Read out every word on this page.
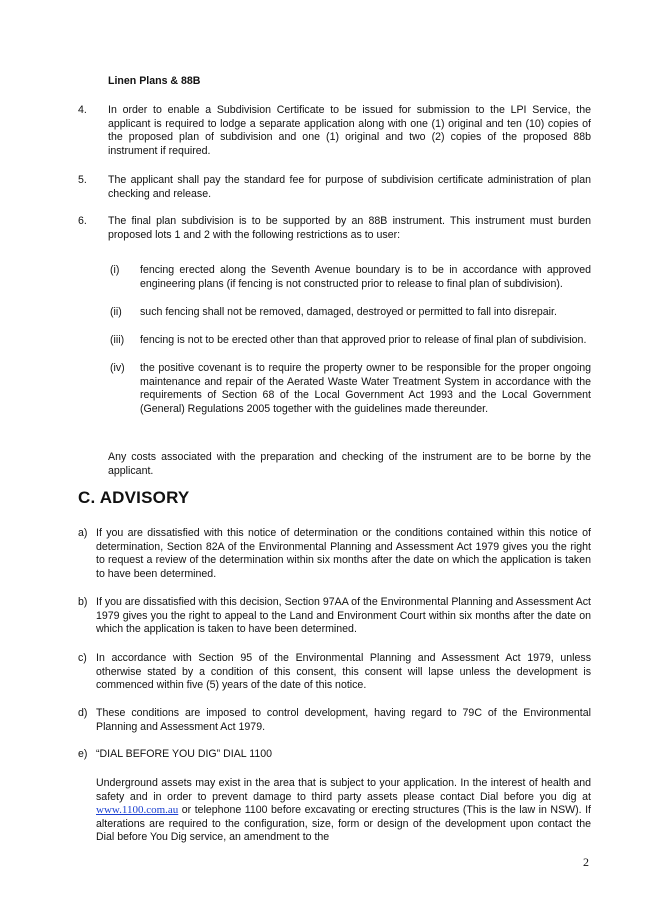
Linen Plans & 88B
4. In order to enable a Subdivision Certificate to be issued for submission to the LPI Service, the applicant is required to lodge a separate application along with one (1) original and ten (10) copies of the proposed plan of subdivision and one (1) original and two (2) copies of the proposed 88b instrument if required.
5. The applicant shall pay the standard fee for purpose of subdivision certificate administration of plan checking and release.
6. The final plan subdivision is to be supported by an 88B instrument. This instrument must burden proposed lots 1 and 2 with the following restrictions as to user:
(i) fencing erected along the Seventh Avenue boundary is to be in accordance with approved engineering plans (if fencing is not constructed prior to release to final plan of subdivision).
(ii) such fencing shall not be removed, damaged, destroyed or permitted to fall into disrepair.
(iii) fencing is not to be erected other than that approved prior to release of final plan of subdivision.
(iv) the positive covenant is to require the property owner to be responsible for the proper ongoing maintenance and repair of the Aerated Waste Water Treatment System in accordance with the requirements of Section 68 of the Local Government Act 1993 and the Local Government (General) Regulations 2005 together with the guidelines made thereunder.
Any costs associated with the preparation and checking of the instrument are to be borne by the applicant.
C. ADVISORY
a) If you are dissatisfied with this notice of determination or the conditions contained within this notice of determination, Section 82A of the Environmental Planning and Assessment Act 1979 gives you the right to request a review of the determination within six months after the date on which the application is taken to have been determined.
b) If you are dissatisfied with this decision, Section 97AA of the Environmental Planning and Assessment Act 1979 gives you the right to appeal to the Land and Environment Court within six months after the date on which the application is taken to have been determined.
c) In accordance with Section 95 of the Environmental Planning and Assessment Act 1979, unless otherwise stated by a condition of this consent, this consent will lapse unless the development is commenced within five (5) years of the date of this notice.
d) These conditions are imposed to control development, having regard to 79C of the Environmental Planning and Assessment Act 1979.
e) “DIAL BEFORE YOU DIG” DIAL 1100
Underground assets may exist in the area that is subject to your application. In the interest of health and safety and in order to prevent damage to third party assets please contact Dial before you dig at www.1100.com.au or telephone 1100 before excavating or erecting structures (This is the law in NSW). If alterations are required to the configuration, size, form or design of the development upon contact the Dial before You Dig service, an amendment to the
2
